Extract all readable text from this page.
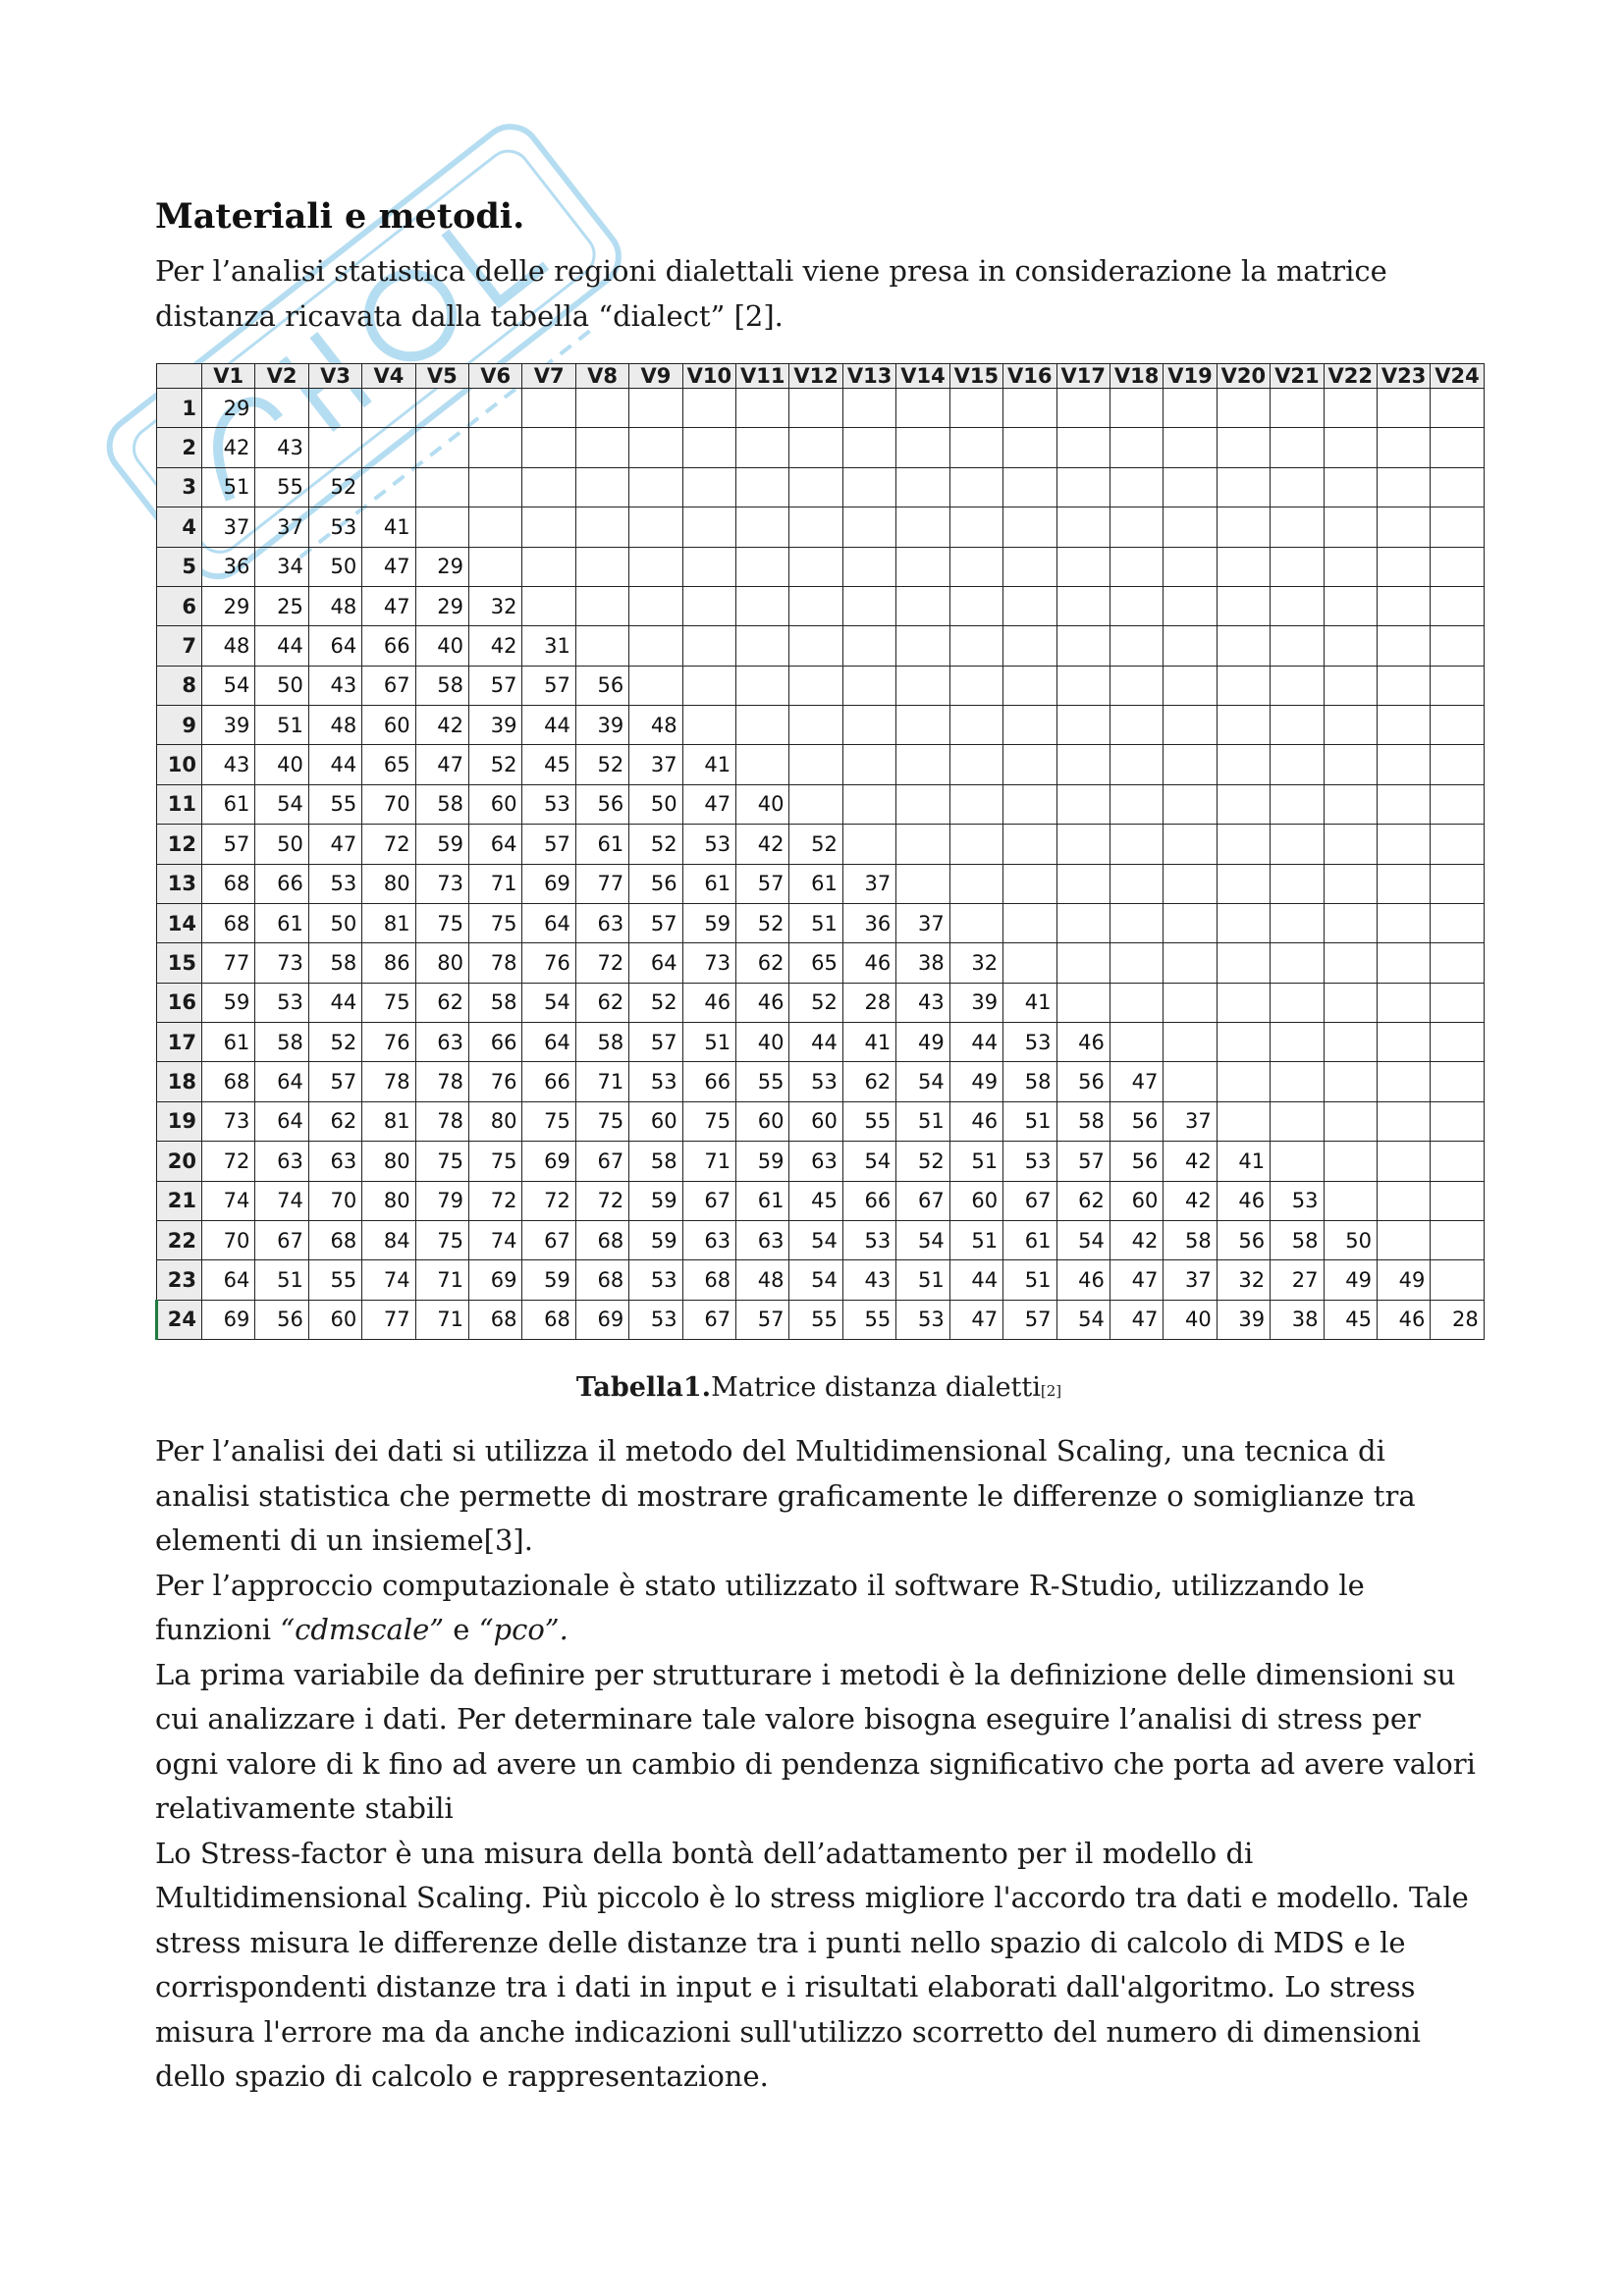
Materiali e metodi.

Per l’analisi statistica delle regioni dialettali viene presa in considerazione la matrice distanza ricavata dalla tabella “dialect” [2].

	V1	V2	V3	V4	V5	V6	V7	V8	V9	V10	V11	V12	V13	V14	V15	V16	V17	V18	V19	V20	V21	V22	V23	V24
1	29																							
2	42	43																						
3	51	55	52																					
4	37	37	53	41																				
5	36	34	50	47	29																			
6	29	25	48	47	29	32																		
7	48	44	64	66	40	42	31																	
8	54	50	43	67	58	57	57	56																
9	39	51	48	60	42	39	44	39	48															
10	43	40	44	65	47	52	45	52	37	41														
11	61	54	55	70	58	60	53	56	50	47	40													
12	57	50	47	72	59	64	57	61	52	53	42	52												
13	68	66	53	80	73	71	69	77	56	61	57	61	37											
14	68	61	50	81	75	75	64	63	57	59	52	51	36	37										
15	77	73	58	86	80	78	76	72	64	73	62	65	46	38	32									
16	59	53	44	75	62	58	54	62	52	46	46	52	28	43	39	41								
17	61	58	52	76	63	66	64	58	57	51	40	44	41	49	44	53	46							
18	68	64	57	78	78	76	66	71	53	66	55	53	62	54	49	58	56	47						
19	73	64	62	81	78	80	75	75	60	75	60	60	55	51	46	51	58	56	37					
20	72	63	63	80	75	75	69	67	58	71	59	63	54	52	51	53	57	56	42	41				
21	74	74	70	80	79	72	72	72	59	67	61	45	66	67	60	67	62	60	42	46	53			
22	70	67	68	84	75	74	67	68	59	63	63	54	53	54	51	61	54	42	58	56	58	50		
23	64	51	55	74	71	69	59	68	53	68	48	54	43	51	44	51	46	47	37	32	27	49	49	
24	69	56	60	77	71	68	68	69	53	67	57	55	55	53	47	57	54	47	40	39	38	45	46	28

Tabella1.Matrice distanza dialetti[2]

Per l’analisi dei dati si utilizza il metodo del Multidimensional Scaling, una tecnica di analisi statistica che permette di mostrare graficamente le differenze o somiglianze tra elementi di un insieme[3].

Per l’approccio computazionale è stato utilizzato il software R-Studio, utilizzando le funzioni “cdmscale” e “pco”.

La prima variabile da definire per strutturare i metodi è la definizione delle dimensioni su cui analizzare i dati. Per determinare tale valore bisogna eseguire l’analisi di stress per ogni valore di k fino ad avere un cambio di pendenza significativo che porta ad avere valori relativamente stabili

Lo Stress-factor è una misura della bontà dell’adattamento per il modello di Multidimensional Scaling. Più piccolo è lo stress migliore l'accordo tra dati e modello. Tale stress misura le differenze delle distanze tra i punti nello spazio di calcolo di MDS e le corrispondenti distanze tra i dati in input e i risultati elaborati dall'algoritmo. Lo stress misura l'errore ma da anche indicazioni sull'utilizzo scorretto del numero di dimensioni dello spazio di calcolo e rappresentazione.
